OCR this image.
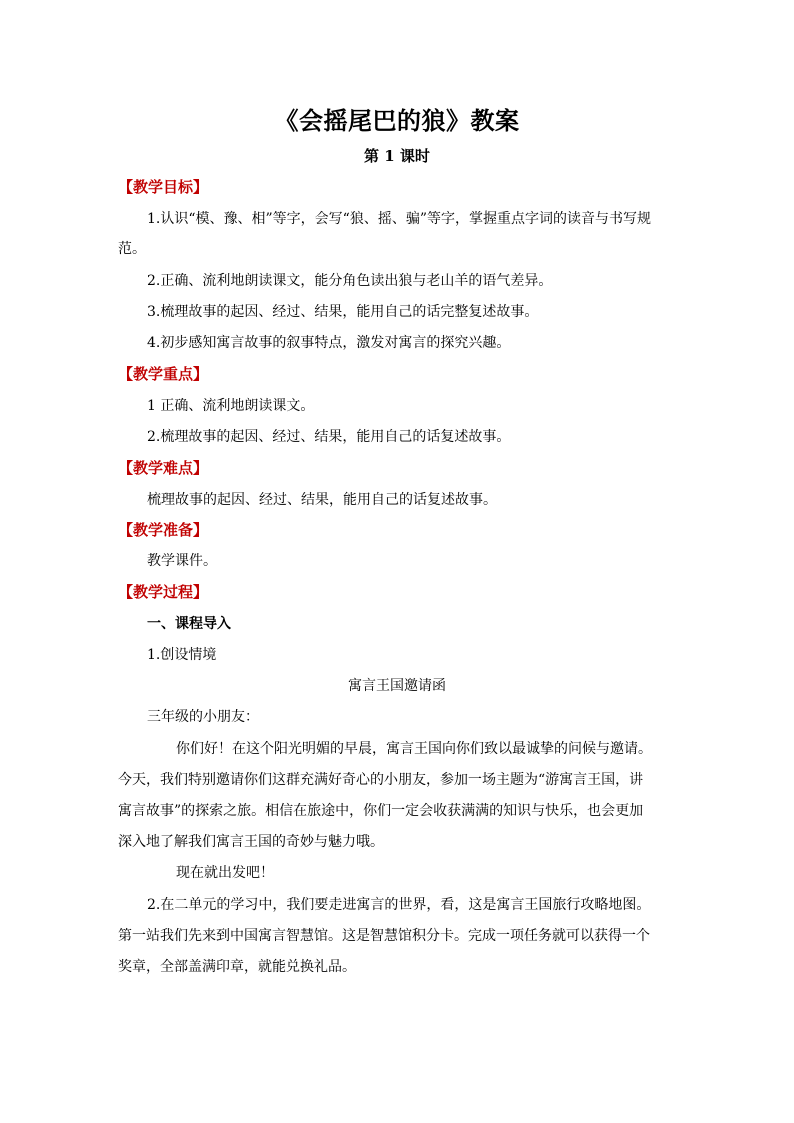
《会摇尾巴的狼》教案
第 1 课时
【教学目标】
1.认识“模、豫、相”等字，会写“狼、摇、骗”等字，掌握重点字词的读音与书写规
范。
2.正确、流利地朗读课文，能分角色读出狼与老山羊的语气差异。
3.梳理故事的起因、经过、结果，能用自己的话完整复述故事。
4.初步感知寓言故事的叙事特点，激发对寓言的探究兴趣。
【教学重点】
1 正确、流利地朗读课文。
2.梳理故事的起因、经过、结果，能用自己的话复述故事。
【教学难点】
梳理故事的起因、经过、结果，能用自己的话复述故事。
【教学准备】
教学课件。
【教学过程】
一、课程导入
1.创设情境
寓言王国邀请函
三年级的小朋友：
你们好！在这个阳光明媚的早晨，寓言王国向你们致以最诚挚的问候与邀请。
今天，我们特别邀请你们这群充满好奇心的小朋友，参加一场主题为“游寓言王国，讲
寓言故事”的探索之旅。相信在旅途中，你们一定会收获满满的知识与快乐，也会更加
深入地了解我们寓言王国的奇妙与魅力哦。
现在就出发吧！
2.在二单元的学习中，我们要走进寓言的世界，看，这是寓言王国旅行攻略地图。
第一站我们先来到中国寓言智慧馆。这是智慧馆积分卡。完成一项任务就可以获得一个
奖章，全部盖满印章，就能兑换礼品。
